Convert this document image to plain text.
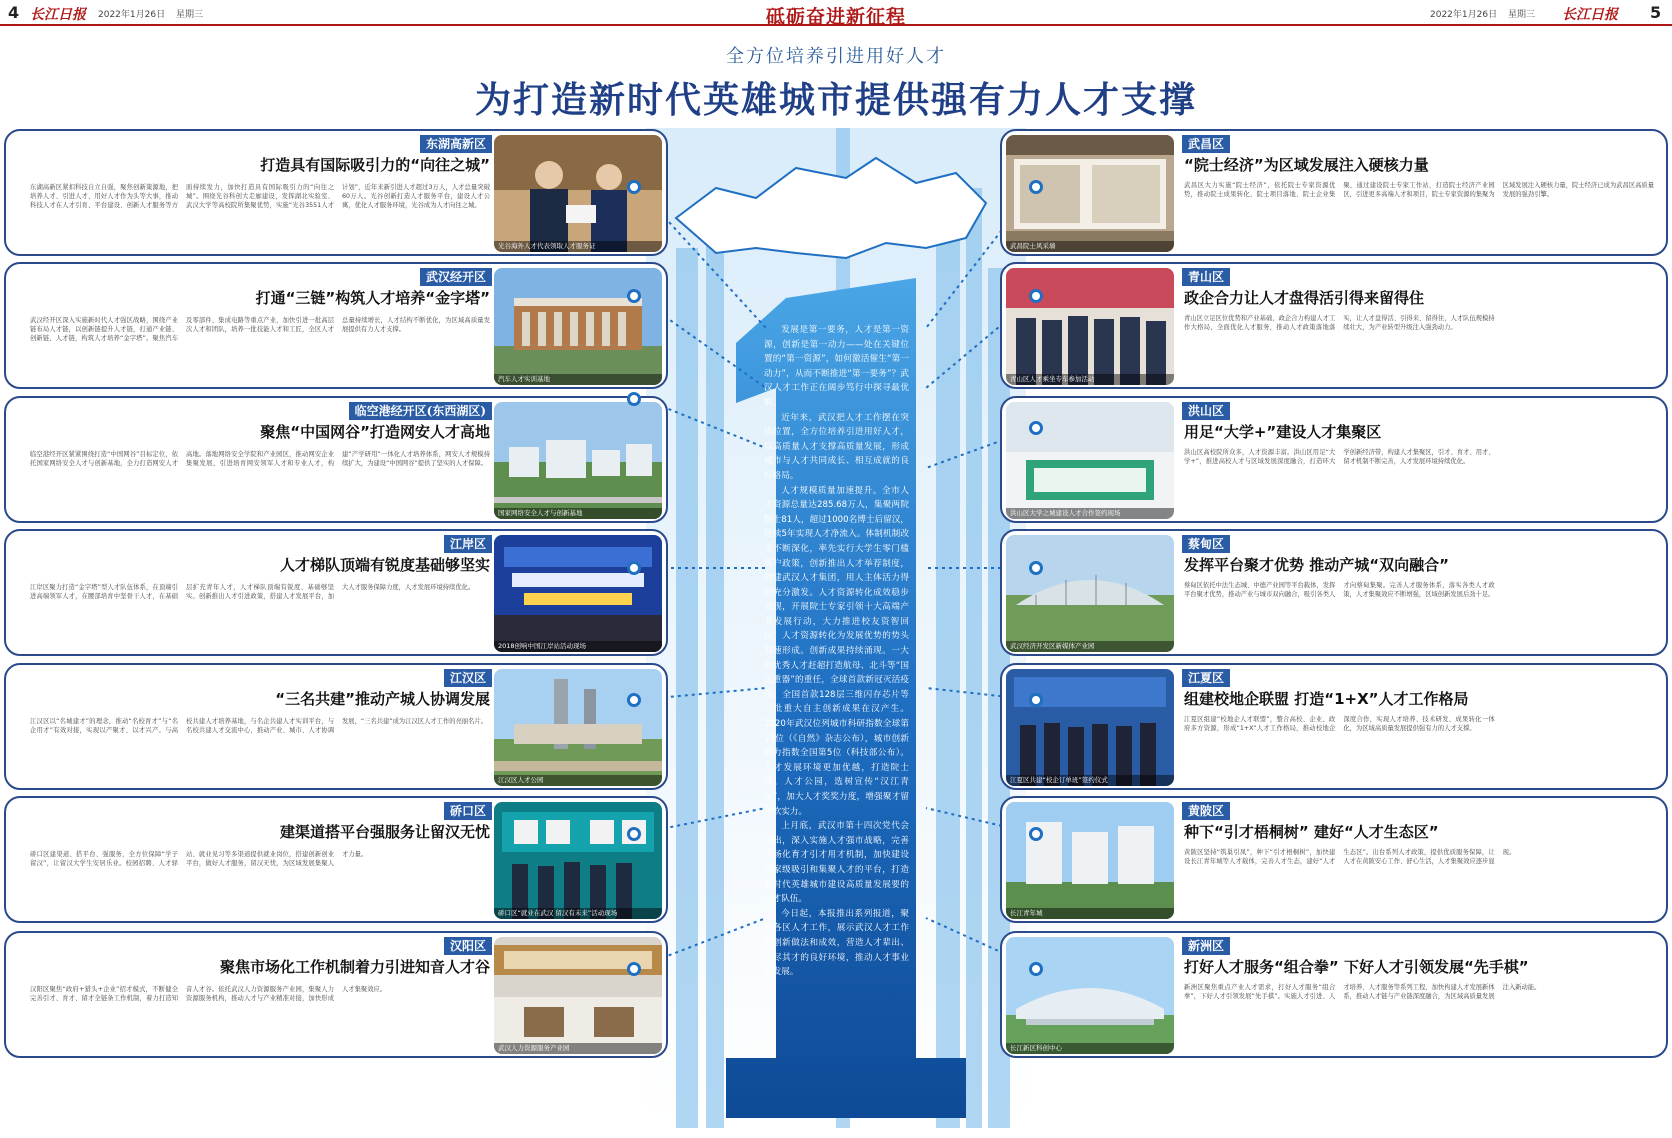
4 长江日报 2022年1月26日 星期三	砥砺奋进新征程	2022年1月26日 星期三 长江日报 5
全方位培养引进用好人才
为打造新时代英雄城市提供强有力人才支撑

发展是第一要务，人才是第一资源，创新是第一动力——处在关键位置的“第一资源”，如何激活催生“第一动力”，从而不断推进“第一要务”？武汉人才工作正在阔步笃行中探寻最优解。

近年来，武汉把人才工作摆在突出位置，全方位培养引进用好人才，以高质量人才支撑高质量发展，形成城市与人才共同成长、相互成就的良好格局。

人才规模质量加速提升。全市人才资源总量达285.68万人，集聚两院院士81人，超过1000名博士后留汉，连续5年实现人才净流入。体制机制改革不断深化，率先实行大学生零门槛落户政策，创新推出人才举荐制度，唱建武汉人才集团，用人主体活力得到充分激发。人才资源转化成效稳步显现，开展院士专家引领十大高端产业发展行动，大力推进校友资智回汉，人才资源转化为发展优势的势头加速形成。创新成果持续涌现。一大批优秀人才赶超打造航母、北斗等“国之重器”的重任，全球首款新冠灭活疫苗、全国首款128层三维闪存芯片等一批重大自主创新成果在汉产生。2020年武汉位列城市科研指数全球第13位（《自然》杂志公布），城市创新能力指数全国第5位（科技部公布）。人才发展环境更加优越，打造院士墙、人才公园，选树宣传“汉江青年”，加大人才奖奖力度，增强聚才留才软实力。

上月底，武汉市第十四次党代会提出，深入实施人才强市战略，完善市场化育才引才用才机制，加快建设国家级吸引和集聚人才的平台，打造新时代英雄城市建设高质量发展要的人才队伍。

今日起，本报推出系列报道，聚焦各区人才工作，展示武汉人才工作的创新做法和成效，营造人才辈出、人尽其才的良好环境，推动人才事业新发展。

东湖高新区
打造具有国际吸引力的“向往之城”
东湖高新区紧扣科技自立自强，聚焦创新策源地，把培养人才、引进人才、用好人才作为头等大事，推动科技人才在人才引育、平台建设、创新人才服务等方面持续发力，加快打造具有国际吸引力的“向往之城”。围绕光谷科创大走廊建设，发挥湖北实验室、武汉大学等高校院所集聚优势，实施“光谷3551人才计划”，近年来新引进人才超过3万人，人才总量突破60万人。光谷创新打造人才服务平台，建设人才公寓，优化人才服务环境，光谷成为人才向往之城。
光谷海外人才代表领取人才服务证
武汉经开区
打通“三链”构筑人才培养“金字塔”
武汉经开区深入实施新时代人才强区战略，围绕产业链布局人才链，以创新链提升人才链，打通产业链、创新链、人才链，构筑人才培养“金字塔”。聚焦汽车及零部件、集成电路等重点产业，加快引进一批高层次人才和团队，培养一批技能人才和工匠，全区人才总量持续增长，人才结构不断优化，为区域高质量发展提供有力人才支撑。
汽车人才实训基地
临空港经开区(东西湖区)
聚焦“中国网谷”打造网安人才高地
临空港经开区紧紧围绕打造“中国网谷”目标定位，依托国家网络安全人才与创新基地，全力打造网安人才高地。落地网络安全学院和产业园区，推动网安企业集聚发展，引进培育网安领军人才和专业人才，构建“产学研用”一体化人才培养体系，网安人才规模持续扩大，为建设“中国网谷”提供了坚实的人才保障。
国家网络安全人才与创新基地
江岸区
人才梯队顶端有锐度基础够坚实
江岸区聚力打造“金字塔”型人才队伍体系，在顶端引进高端领军人才，在腰部培育中坚骨干人才，在基础层扩充青年人才，人才梯队顶端有锐度、基础够坚实。创新推出人才引进政策，搭建人才发展平台，加大人才服务保障力度，人才发展环境持续优化。
2018创响中国江岸站活动现场
江汉区
“三名共建”推动产城人协调发展
江汉区以“名城建才”的理念，推动“名校育才”与“名企用才”有效对接，实现以产聚才、以才兴产。与高校共建人才培养基地，与名企共建人才实训平台，与名校共建人才交流中心，推动产业、城市、人才协调发展，“三名共建”成为江汉区人才工作的亮丽名片。
江汉区人才公园
硚口区
建渠道搭平台强服务让留汉无忧
硚口区建渠道、搭平台、强服务，全方位保障“学子留汉”，让留汉大学生安居乐业。校园招聘、人才驿站、就业见习等多渠道提供就业岗位，搭建创新创业平台，做好人才服务，留汉无忧，为区域发展集聚人才力量。
硚口区“就业在武汉 留汉有未来”活动现场
汉阳区
聚焦市场化工作机制着力引进知音人才谷
汉阳区聚焦“政府+猎头+企业”招才模式，不断健全完善引才、育才、留才全链条工作机制，着力打造知音人才谷。依托武汉人力资源服务产业园，集聚人力资源服务机构，推动人才与产业精准对接，加快形成人才集聚效应。
武汉人力资源服务产业园
武昌区
“院士经济”为区域发展注入硬核力量
武昌区大力实施“院士经济”，依托院士专家资源优势，推动院士成果转化、院士项目落地、院士企业集聚，通过建设院士专家工作站，打造院士经济产业园区，引进更多高端人才和项目，院士专家资源的集聚为区域发展注入硬核力量，院士经济已成为武昌区高质量发展的强劲引擎。
武昌院士风采墙
青山区
政企合力让人才盘得活引得来留得住
青山区立足区位优势和产业基础，政企合力构建人才工作大格局，全面优化人才服务，推动人才政策落地落实，让人才盘得活、引得来、留得住，人才队伍规模持续壮大，为产业转型升级注入强劲动力。
青山区人才乘坐专车参加活动
洪山区
用足“大学+”建设人才集聚区
洪山区高校院所众多，人才资源丰富。洪山区用足“大学+”，推进高校人才与区域发展深度融合，打造环大学创新经济带，构建人才集聚区，引才、育才、用才、留才机制不断完善，人才发展环境持续优化。
洪山区大学之城建设人才合作签约现场
蔡甸区
发挥平台聚才优势 推动产城“双向融合”
蔡甸区依托中法生态城、中德产业园等平台载体，发挥平台聚才优势，推动产业与城市双向融合，吸引各类人才向蔡甸集聚。完善人才服务体系，落实各类人才政策，人才集聚效应不断增强，区域创新发展后劲十足。
武汉经济开发区新媒体产业园
江夏区
组建校地企联盟 打造“1+X”人才工作格局
江夏区组建“校地企人才联盟”，整合高校、企业、政府多方资源，形成“1+X”人才工作格局，推动校地企深度合作，实现人才培养、技术研发、成果转化一体化，为区域高质量发展提供强有力的人才支撑。
江夏区共建“校企订单班”签约仪式
黄陂区
种下“引才梧桐树” 建好“人才生态区”
黄陂区坚持“筑巢引凤”，种下“引才梧桐树”，加快建设长江青年城等人才载体，完善人才生态，建好“人才生态区”。出台系列人才政策，提供优质服务保障，让人才在黄陂安心工作、舒心生活，人才集聚效应逐步显现。
长江青年城
新洲区
打好人才服务“组合拳” 下好人才引领发展“先手棋”
新洲区聚焦重点产业人才需求，打好人才服务“组合拳”，下好人才引领发展“先手棋”。实施人才引进、人才培养、人才服务等系列工程，加快构建人才发展新体系，推动人才链与产业链深度融合，为区域高质量发展注入新动能。
长江新区科创中心
